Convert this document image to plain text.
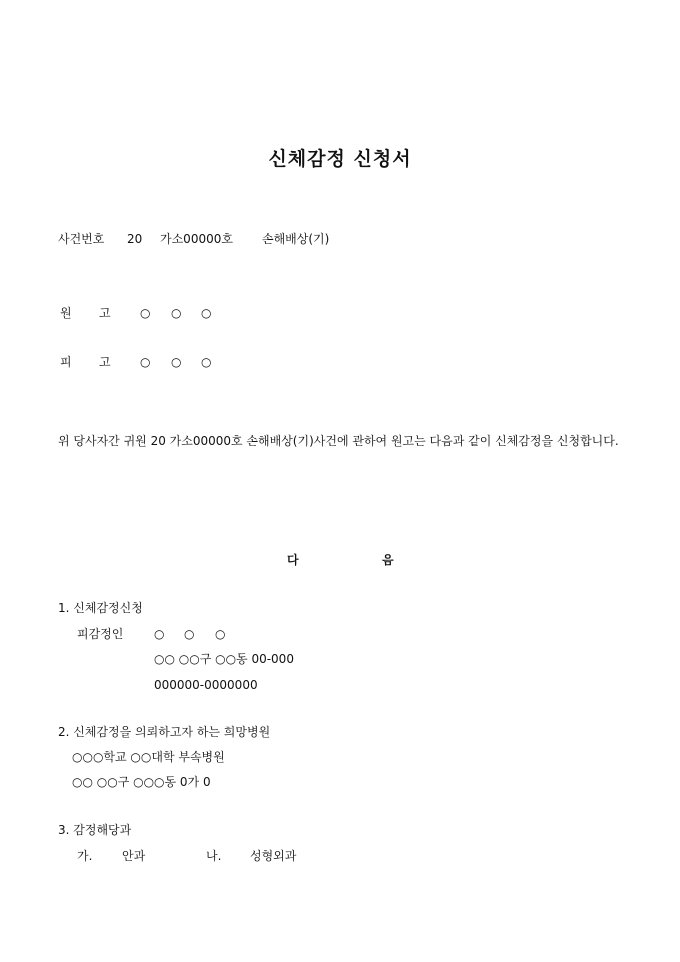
신체감정 신청서
사건번호 20 가소00000호 손해배상(기)
원 고 ○ ○ ○
피 고 ○ ○ ○
위 당사자간 귀원 20 가소00000호 손해배상(기)사건에 관하여 원고는 다음과 같이 신체감정을 신청합니다.
다	음
1. 신체감정신청
피감정인	○ ○ ○
○○ ○○구 ○○동 00-000
000000-0000000
2. 신체감정을 의뢰하고자 하는 희망병원
○○○학교 ○○대학 부속병원
○○ ○○구 ○○○동 0가 0
3. 감정해당과
가. 안과	나. 성형외과
